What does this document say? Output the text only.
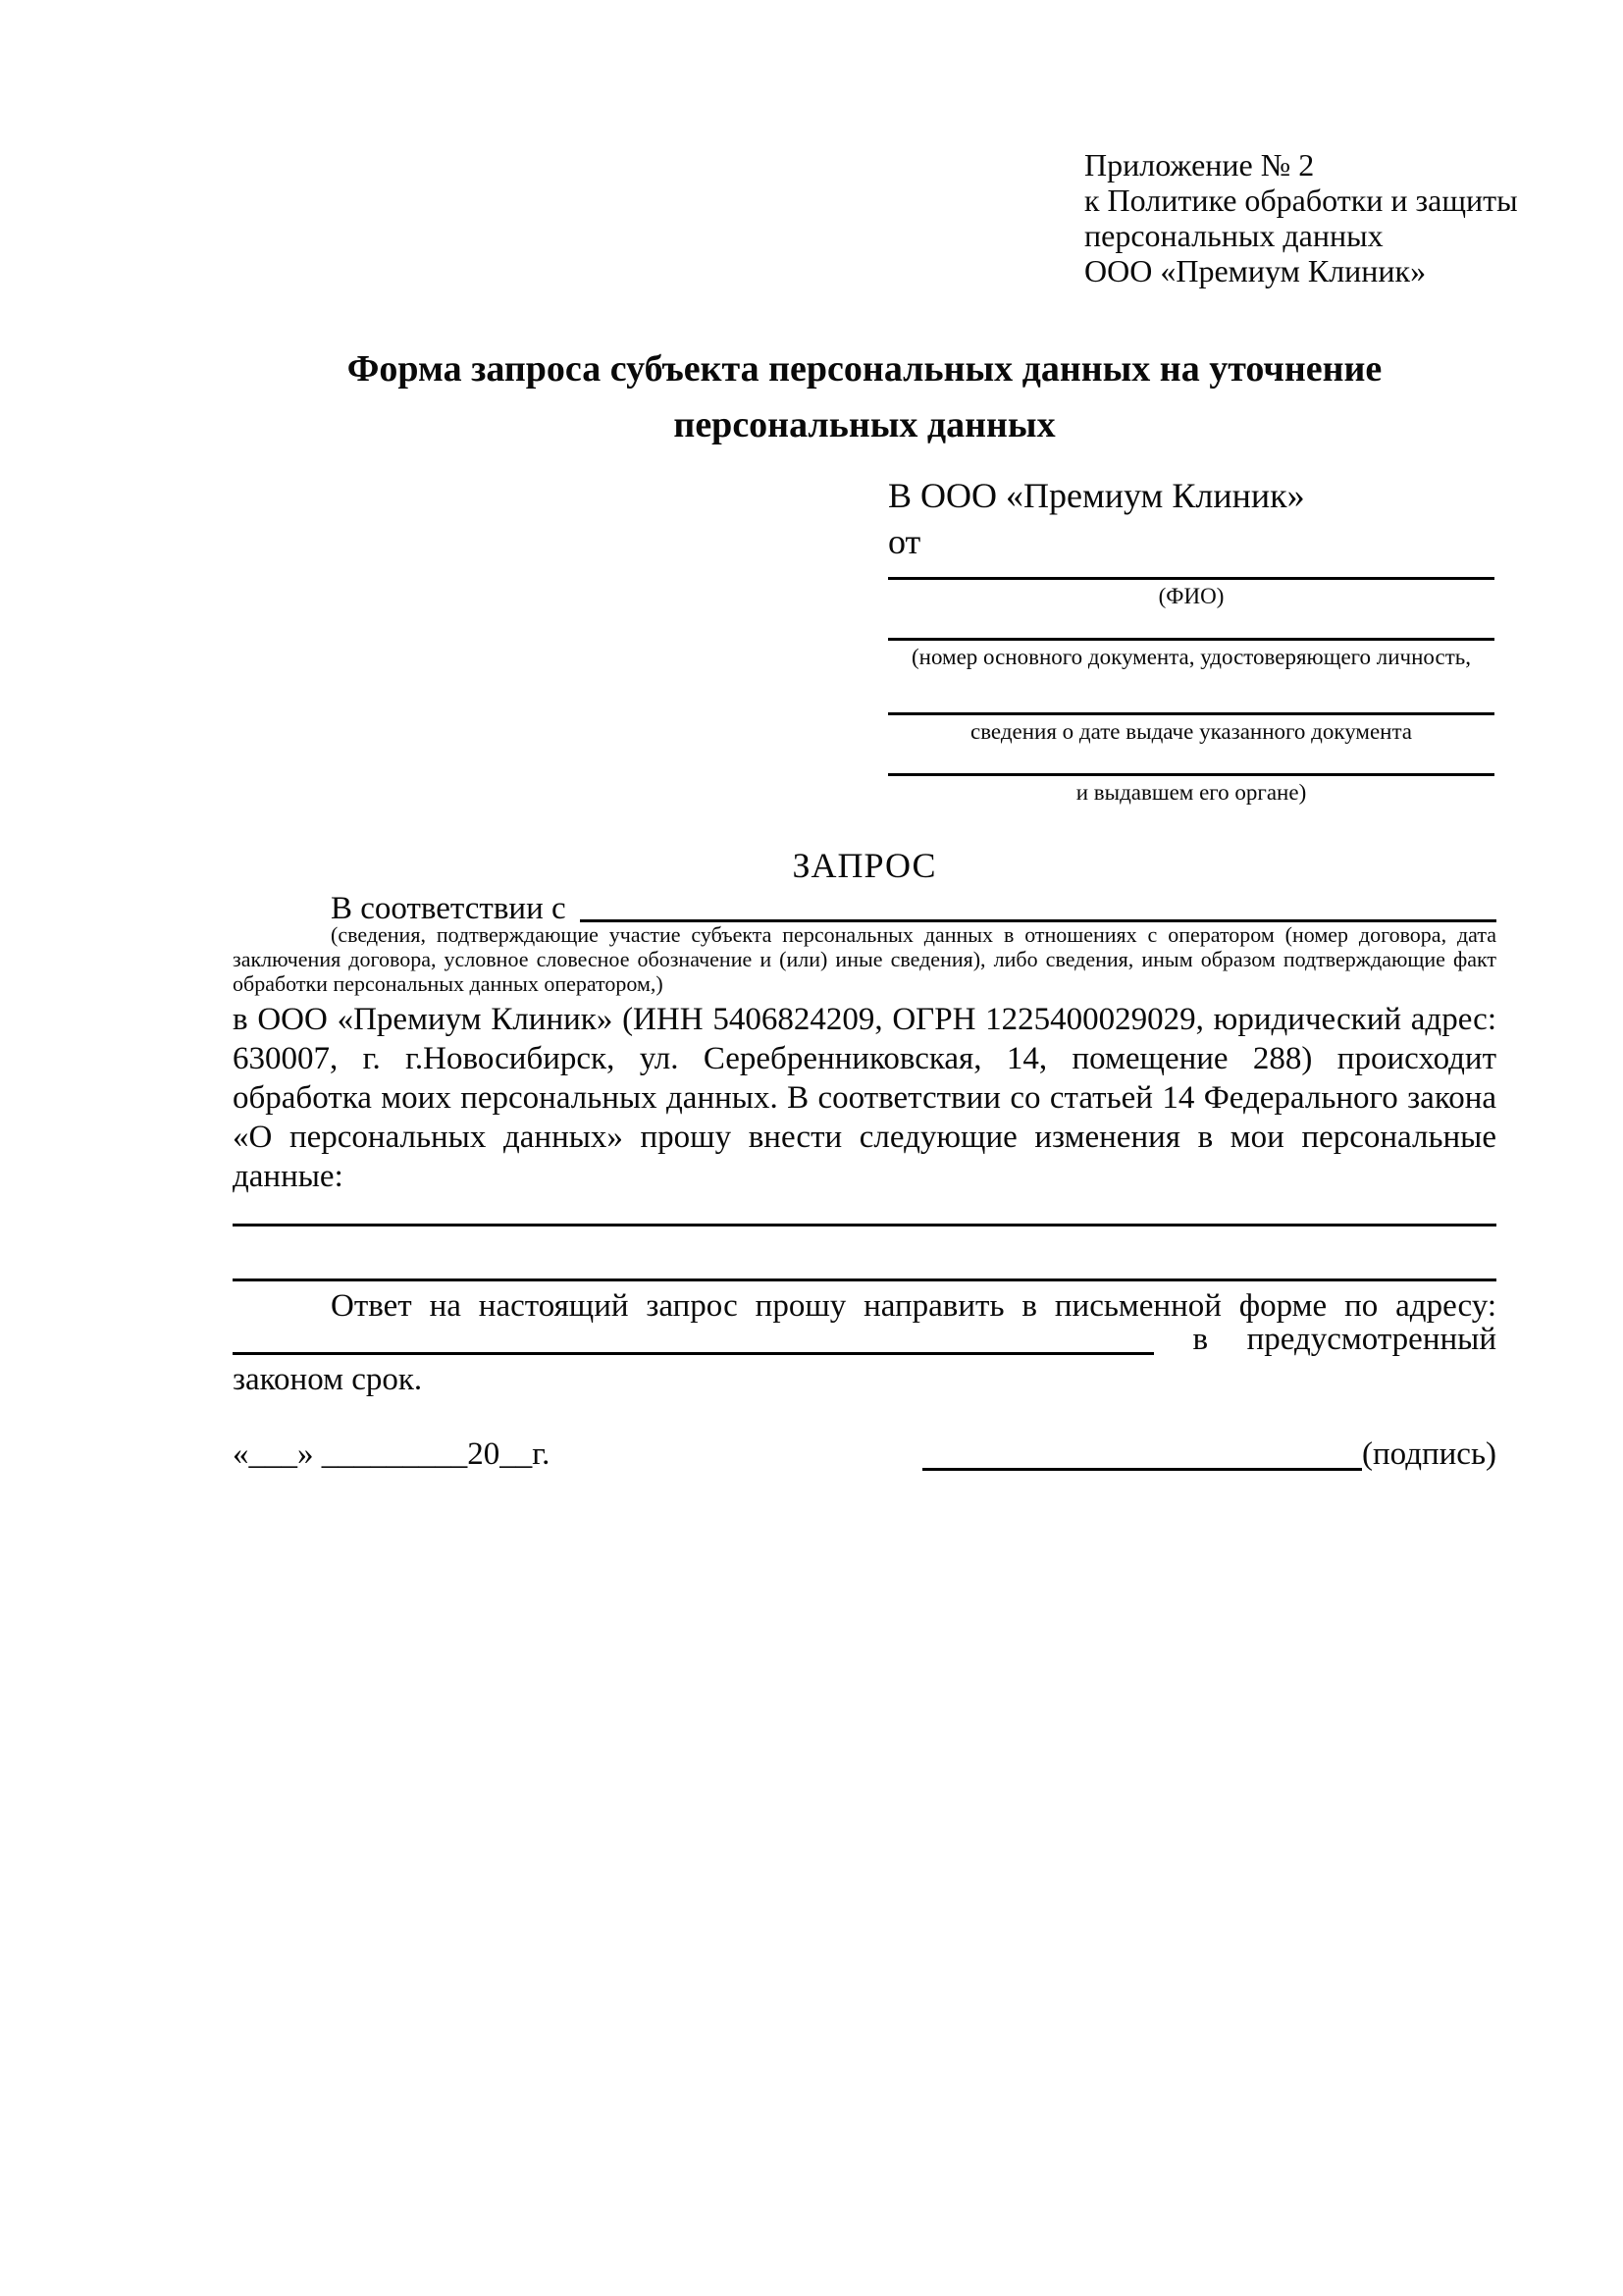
Приложение № 2
к Политике обработки и защиты
персональных данных
ООО «Премиум Клиник»
Форма запроса субъекта персональных данных на уточнение персональных данных
В ООО «Премиум Клиник»
от
(ФИО)
(номер основного документа, удостоверяющего личность,
сведения о дате выдаче указанного документа
и выдавшем его органе)
ЗАПРОС
В соответствии с
(сведения, подтверждающие участие субъекта персональных данных в отношениях с оператором (номер договора, дата
заключения договора, условное словесное обозначение и (или) иные сведения), либо сведения, иным образом подтверждающие факт
обработки персональных данных оператором,)
в ООО «Премиум Клиник» (ИНН 5406824209, ОГРН 1225400029029, юридический адрес:
630007, г. г.Новосибирск, ул. Серебренниковская, 14, помещение 288) происходит
обработка моих персональных данных. В соответствии со статьей 14 Федерального закона
«О персональных данных» прошу внести следующие изменения в мои персональные
данные:
Ответ на настоящий запрос прошу направить в письменной форме по адресу:
в предусмотренный
законом срок.
«___» _________20__г.	(подпись)
